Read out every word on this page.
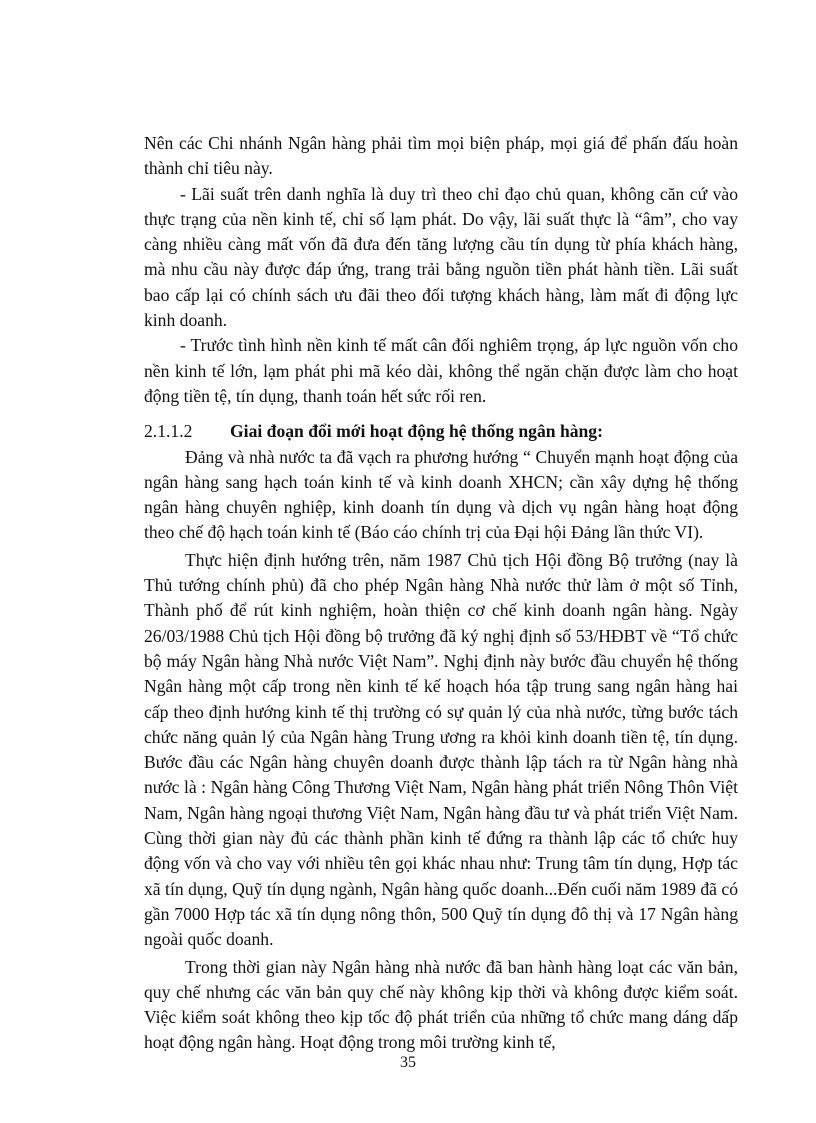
Nên các Chi nhánh Ngân hàng phải tìm mọi biện pháp, mọi giá để phấn đấu hoàn thành chỉ tiêu này.

- Lãi suất trên danh nghĩa là duy trì theo chỉ đạo chủ quan, không căn cứ vào thực trạng của nền kinh tế, chỉ số lạm phát. Do vậy, lãi suất thực là “âm”, cho vay càng nhiều càng mất vốn đã đưa đến tăng lượng cầu tín dụng từ phía khách hàng, mà nhu cầu này được đáp ứng, trang trải bằng nguồn tiền phát hành tiền. Lãi suất bao cấp lại có chính sách ưu đãi theo đối tượng khách hàng, làm mất đi động lực kinh doanh.

- Trước tình hình nền kinh tế mất cân đối nghiêm trọng, áp lực nguồn vốn cho nền kinh tế lớn, lạm phát phi mã kéo dài, không thể ngăn chặn được làm cho hoạt động tiền tệ, tín dụng, thanh toán hết sức rối ren.

2.1.1.2	Giai đoạn đổi mới hoạt động hệ thống ngân hàng:

Đảng và nhà nước ta đã vạch ra phương hướng “ Chuyển mạnh hoạt động của ngân hàng sang hạch toán kinh tế và kinh doanh XHCN; cần xây dựng hệ thống ngân hàng chuyên nghiệp, kinh doanh tín dụng và dịch vụ ngân hàng hoạt động theo chế độ hạch toán kinh tế (Báo cáo chính trị của Đại hội Đảng lần thức VI).

Thực hiện định hướng trên, năm 1987 Chủ tịch Hội đồng Bộ trưởng (nay là Thủ tướng chính phủ) đã cho phép Ngân hàng Nhà nước thử làm ở một số Tỉnh, Thành phố để rút kinh nghiệm, hoàn thiện cơ chế kinh doanh ngân hàng. Ngày 26/03/1988 Chủ tịch Hội đồng bộ trưởng đã ký nghị định số 53/HĐBT về “Tổ chức bộ máy Ngân hàng Nhà nước Việt Nam”. Nghị định này bước đầu chuyển hệ thống Ngân hàng một cấp trong nền kinh tế kế hoạch hóa tập trung sang ngân hàng hai cấp theo định hướng kinh tế thị trường có sự quản lý của nhà nước, từng bước tách chức năng quản lý của Ngân hàng Trung ương ra khỏi kinh doanh tiền tệ, tín dụng. Bước đầu các Ngân hàng chuyên doanh được thành lập tách ra từ Ngân hàng nhà nước là : Ngân hàng Công Thương Việt Nam, Ngân hàng phát triển Nông Thôn Việt Nam, Ngân hàng ngoại thương Việt Nam, Ngân hàng đầu tư và phát triển Việt Nam. Cùng thời gian này đủ các thành phần kinh tế đứng ra thành lập các tổ chức huy động vốn và cho vay với nhiều tên gọi khác nhau như: Trung tâm tín dụng, Hợp tác xã tín dụng, Quỹ tín dụng ngành, Ngân hàng quốc doanh...Đến cuối năm 1989 đã có gần 7000 Hợp tác xã tín dụng nông thôn, 500 Quỹ tín dụng đô thị và 17 Ngân hàng ngoài quốc doanh.

Trong thời gian này Ngân hàng nhà nước đã ban hành hàng loạt các văn bản, quy chế nhưng các văn bản quy chế này không kịp thời và không được kiểm soát. Việc kiểm soát không theo kịp tốc độ phát triển của những tổ chức mang dáng dấp hoạt động ngân hàng. Hoạt động trong môi trường kinh tế,

35
